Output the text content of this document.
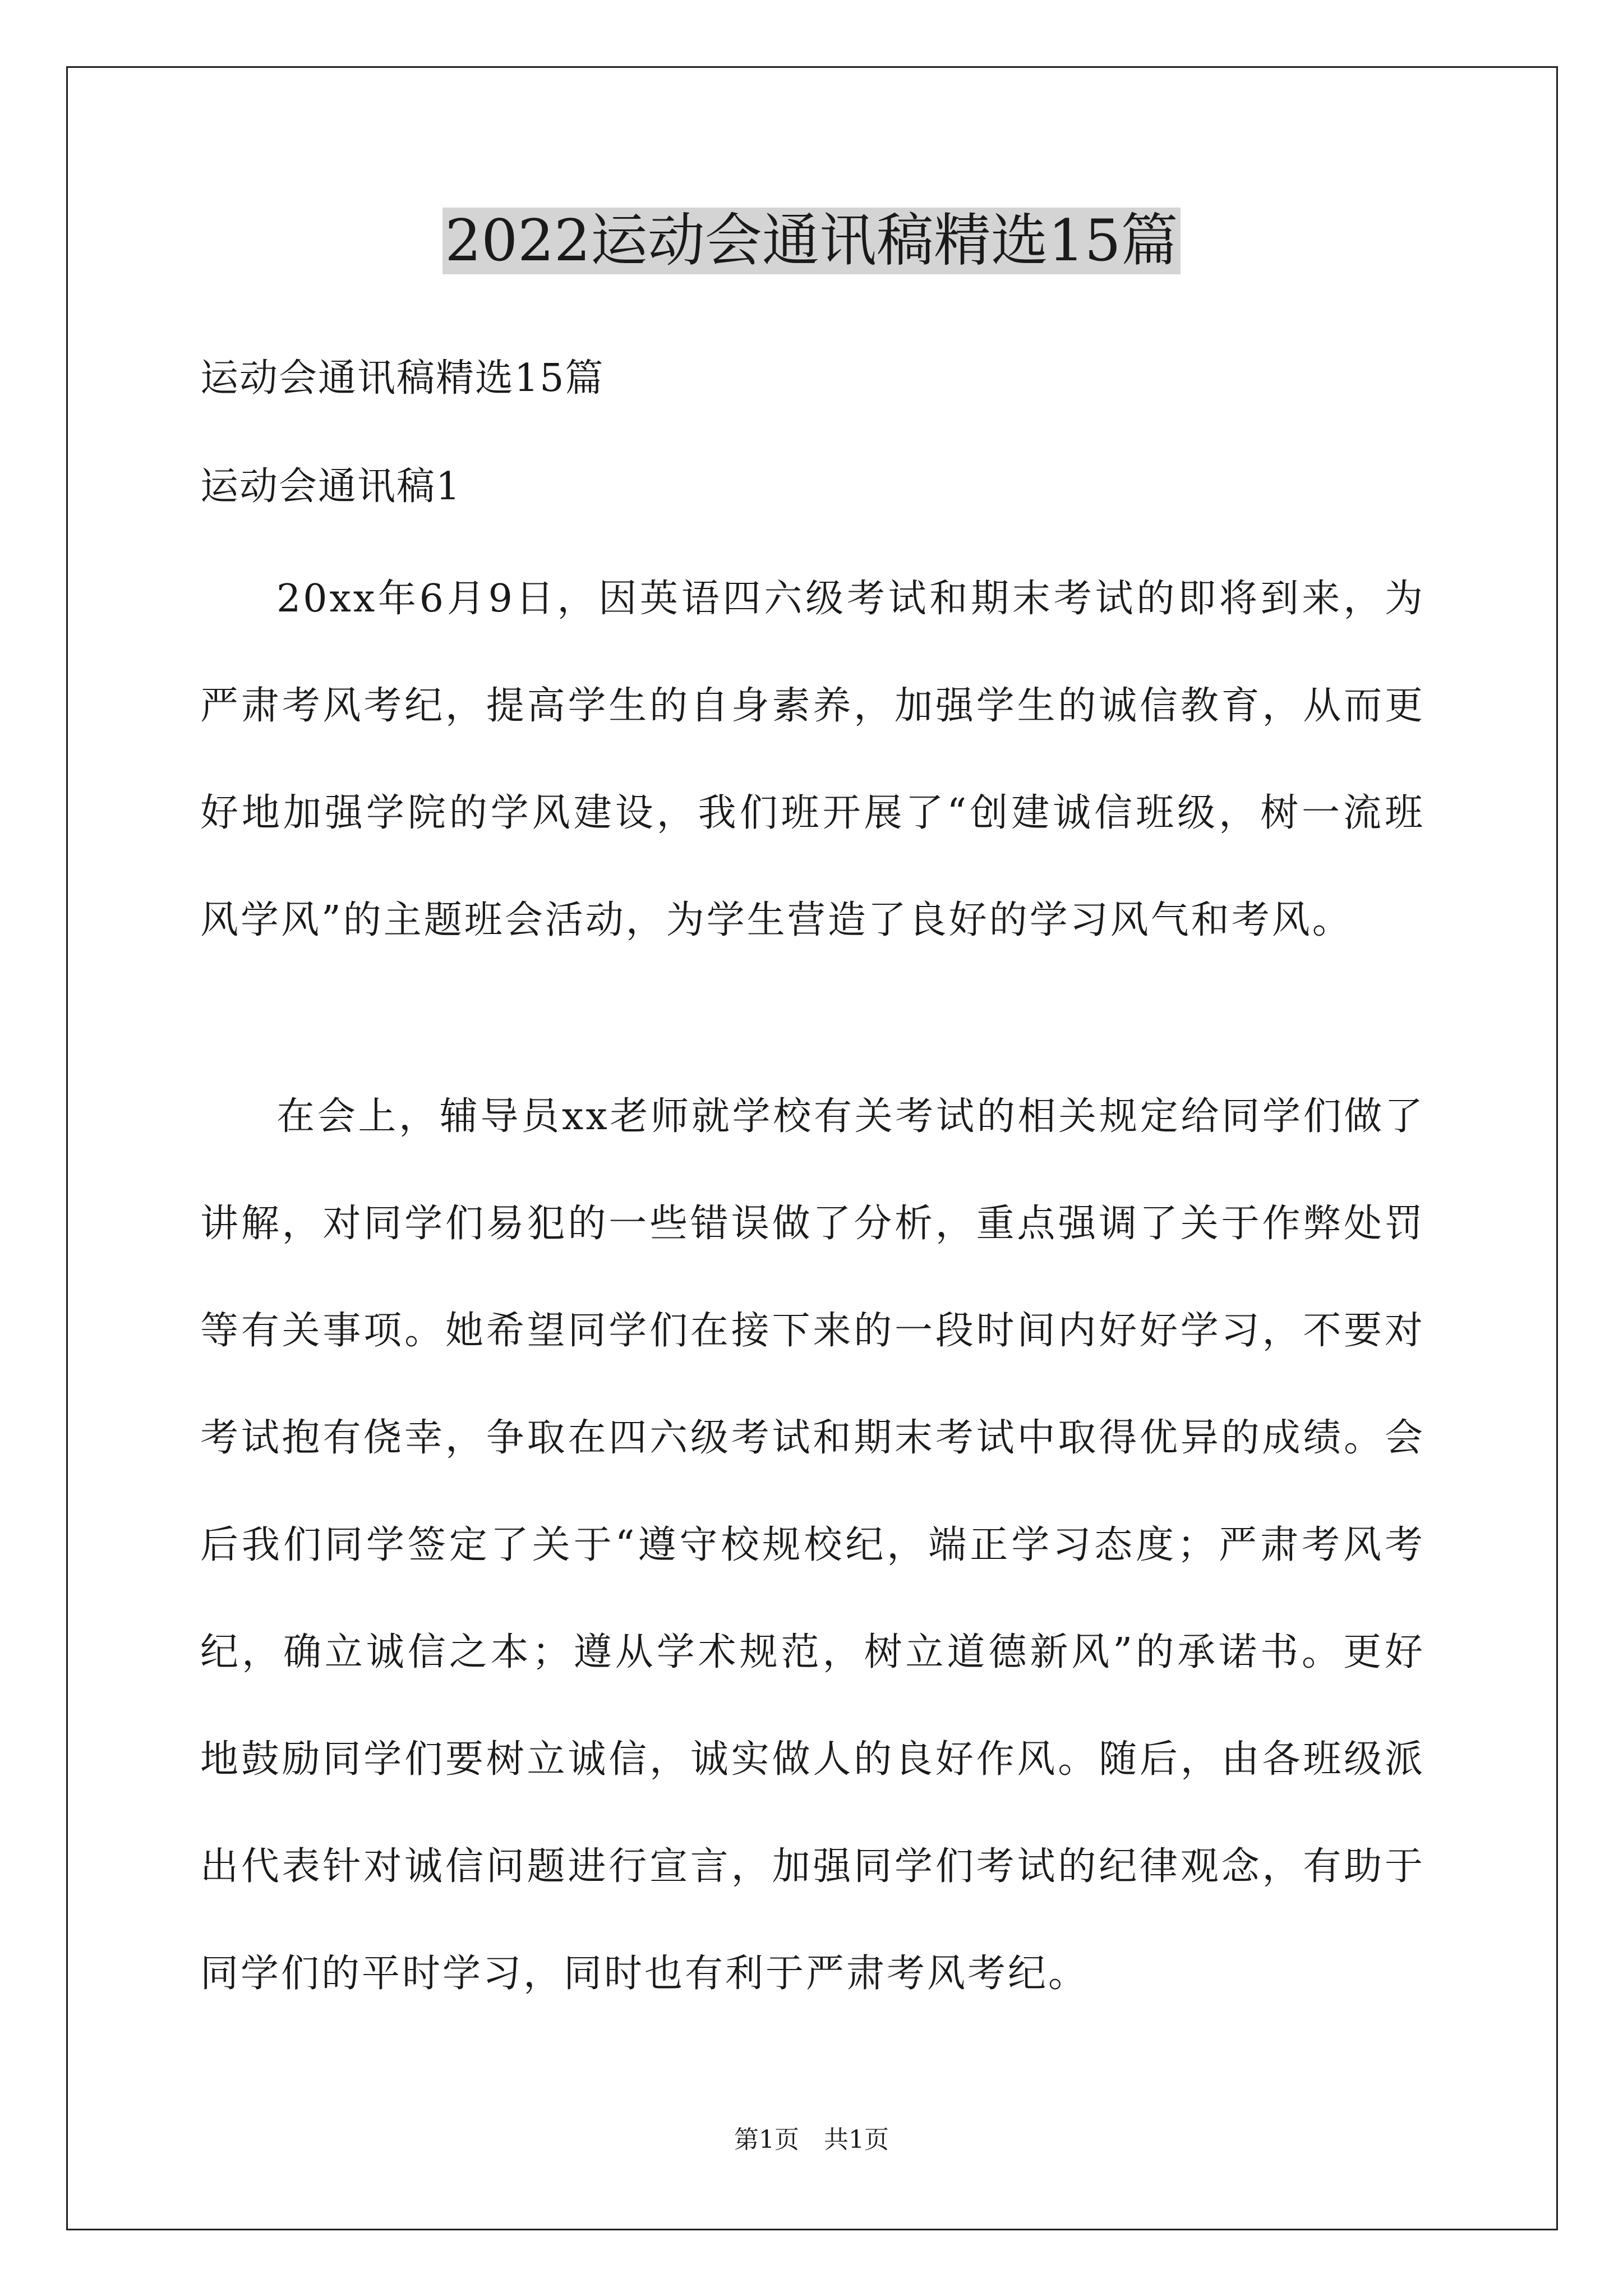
2022运动会通讯稿精选15篇
运动会通讯稿精选15篇
运动会通讯稿1

20xx年6月9日，因英语四六级考试和期末考试的即将到来，为严肃考风考纪，提高学生的自身素养，加强学生的诚信教育，从而更好地加强学院的学风建设，我们班开展了“创建诚信班级，树一流班风学风”的主题班会活动，为学生营造了良好的学习风气和考风。

在会上，辅导员xx老师就学校有关考试的相关规定给同学们做了讲解，对同学们易犯的一些错误做了分析，重点强调了关于作弊处罚等有关事项。她希望同学们在接下来的一段时间内好好学习，不要对考试抱有侥幸，争取在四六级考试和期末考试中取得优异的成绩。会后我们同学签定了关于“遵守校规校纪，端正学习态度；严肃考风考纪，确立诚信之本；遵从学术规范，树立道德新风”的承诺书。更好地鼓励同学们要树立诚信，诚实做人的良好作风。随后，由各班级派出代表针对诚信问题进行宣言，加强同学们考试的纪律观念，有助于同学们的平时学习，同时也有利于严肃考风考纪。

第1页　共1页
